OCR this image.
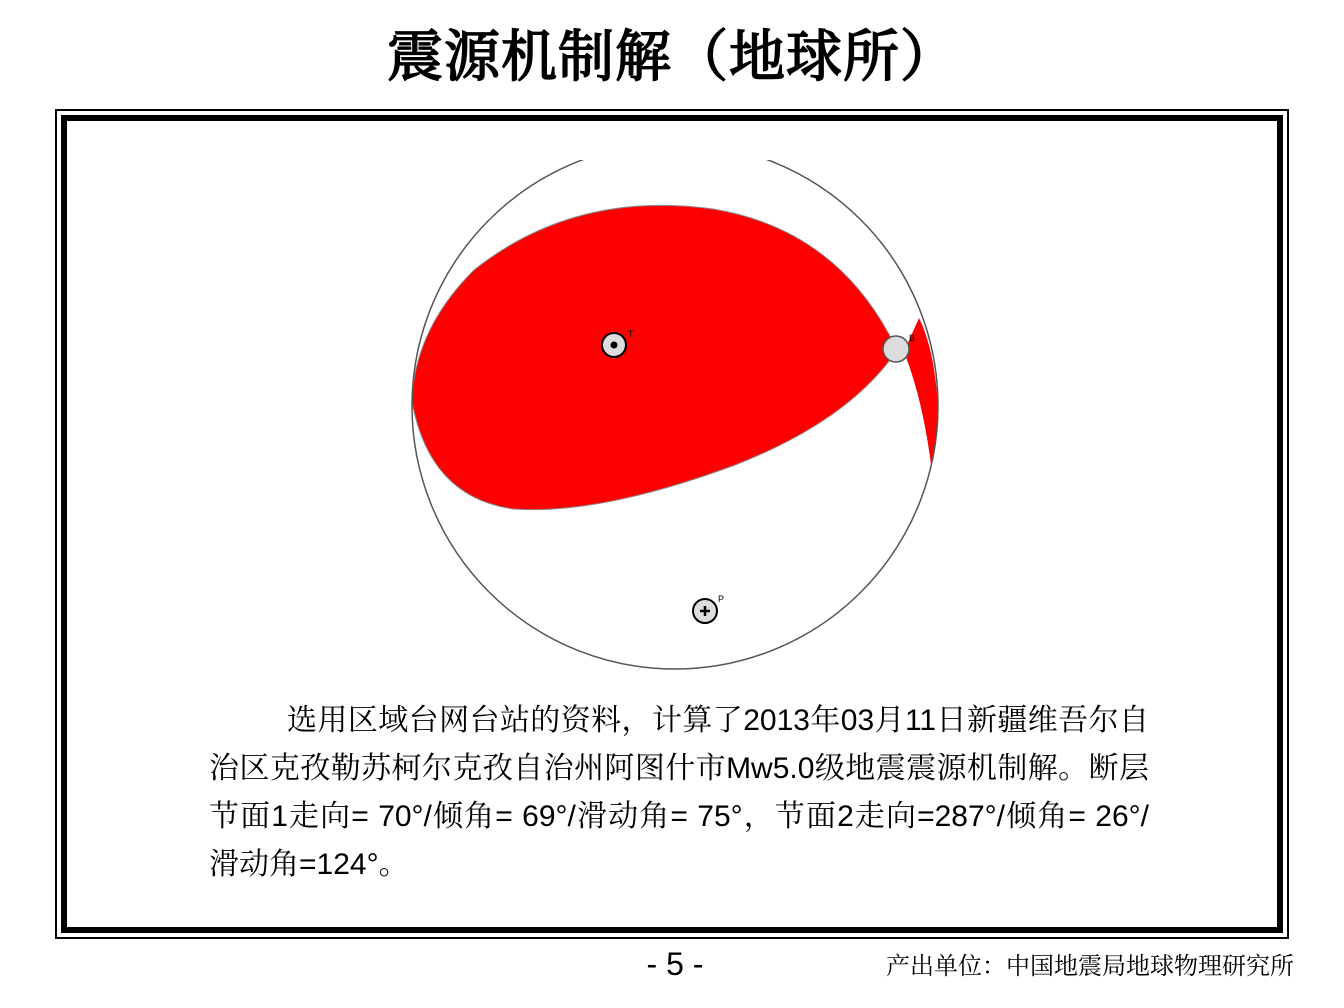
震源机制解（地球所）
T	B
P
选用区域台网台站的资料，计算了2013年03月11日新疆维吾尔自治区克孜勒苏柯尔克孜自治州阿图什市Mw5.0级地震震源机制解。断层节面1走向= 70°/倾角= 69°/滑动角= 75°，节面2走向=287°/倾角= 26°/滑动角=124°。
- 5 -	产出单位：中国地震局地球物理研究所
